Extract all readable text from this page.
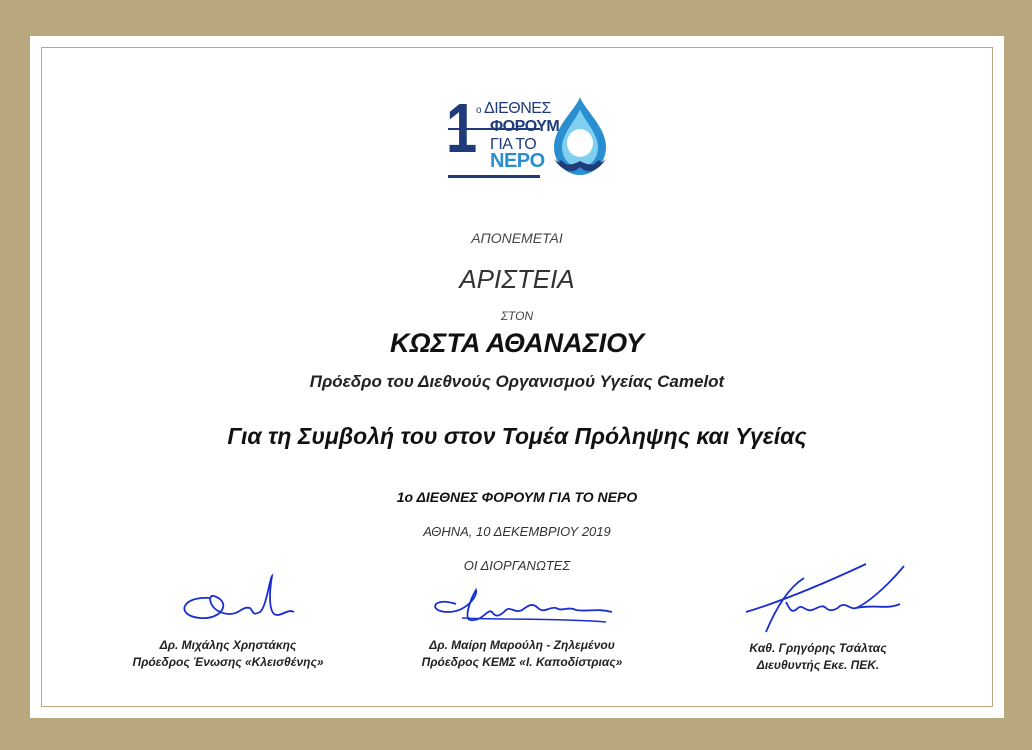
1
ο ΔΙΕΘΝΕΣ
ΦΟΡΟΥΜ
ΓΙΑ ΤΟ
ΝΕΡΟ
ΑΠΟΝΕΜΕΤΑΙ
ΑΡΙΣΤΕΙΑ
ΣΤΟΝ
ΚΩΣΤΑ ΑΘΑΝΑΣΙΟΥ
Πρόεδρο του Διεθνούς Οργανισμού Υγείας Camelot
Για τη Συμβολή του στον Τομέα Πρόληψης και Υγείας
1ο ΔΙΕΘΝΕΣ ΦΟΡΟΥΜ ΓΙΑ ΤΟ ΝΕΡΟ
ΑΘΗΝΑ, 10 ΔΕΚΕΜΒΡΙΟΥ 2019
ΟΙ ΔΙΟΡΓΑΝΩΤΕΣ
Δρ. Μιχάλης Χρηστάκης
Πρόεδρος Ένωσης «Κλεισθένης»
Δρ. Μαίρη Μαρούλη - Ζηλεμένου
Πρόεδρος ΚΕΜΣ «Ι. Καποδίστριας»
Καθ. Γρηγόρης Τσάλτας
Διευθυντής Εκε. ΠΕΚ.
